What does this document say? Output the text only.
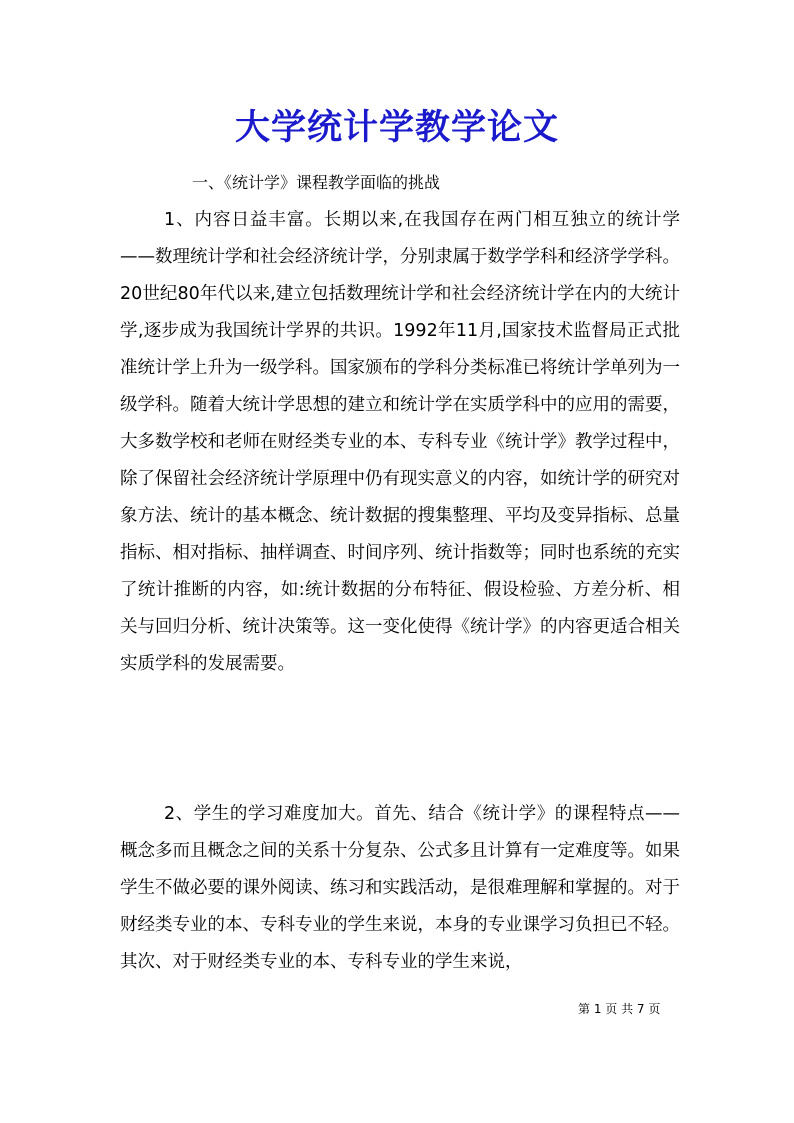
大学统计学教学论文
一、《统计学》课程教学面临的挑战

1、内容日益丰富。长期以来,在我国存在两门相互独立的统计学——数理统计学和社会经济统计学，分别隶属于数学学科和经济学学科。20世纪80年代以来,建立包括数理统计学和社会经济统计学在内的大统计学,逐步成为我国统计学界的共识。1992年11月,国家技术监督局正式批准统计学上升为一级学科。国家颁布的学科分类标准已将统计学单列为一级学科。随着大统计学思想的建立和统计学在实质学科中的应用的需要，大多数学校和老师在财经类专业的本、专科专业《统计学》教学过程中，除了保留社会经济统计学原理中仍有现实意义的内容，如统计学的研究对象方法、统计的基本概念、统计数据的搜集整理、平均及变异指标、总量指标、相对指标、抽样调查、时间序列、统计指数等；同时也系统的充实了统计推断的内容，如:统计数据的分布特征、假设检验、方差分析、相关与回归分析、统计决策等。这一变化使得《统计学》的内容更适合相关实质学科的发展需要。

2、学生的学习难度加大。首先、结合《统计学》的课程特点——概念多而且概念之间的关系十分复杂、公式多且计算有一定难度等。如果学生不做必要的课外阅读、练习和实践活动，是很难理解和掌握的。对于财经类专业的本、专科专业的学生来说，本身的专业课学习负担已不轻。其次、对于财经类专业的本、专科专业的学生来说，

第 1 页 共 7 页
